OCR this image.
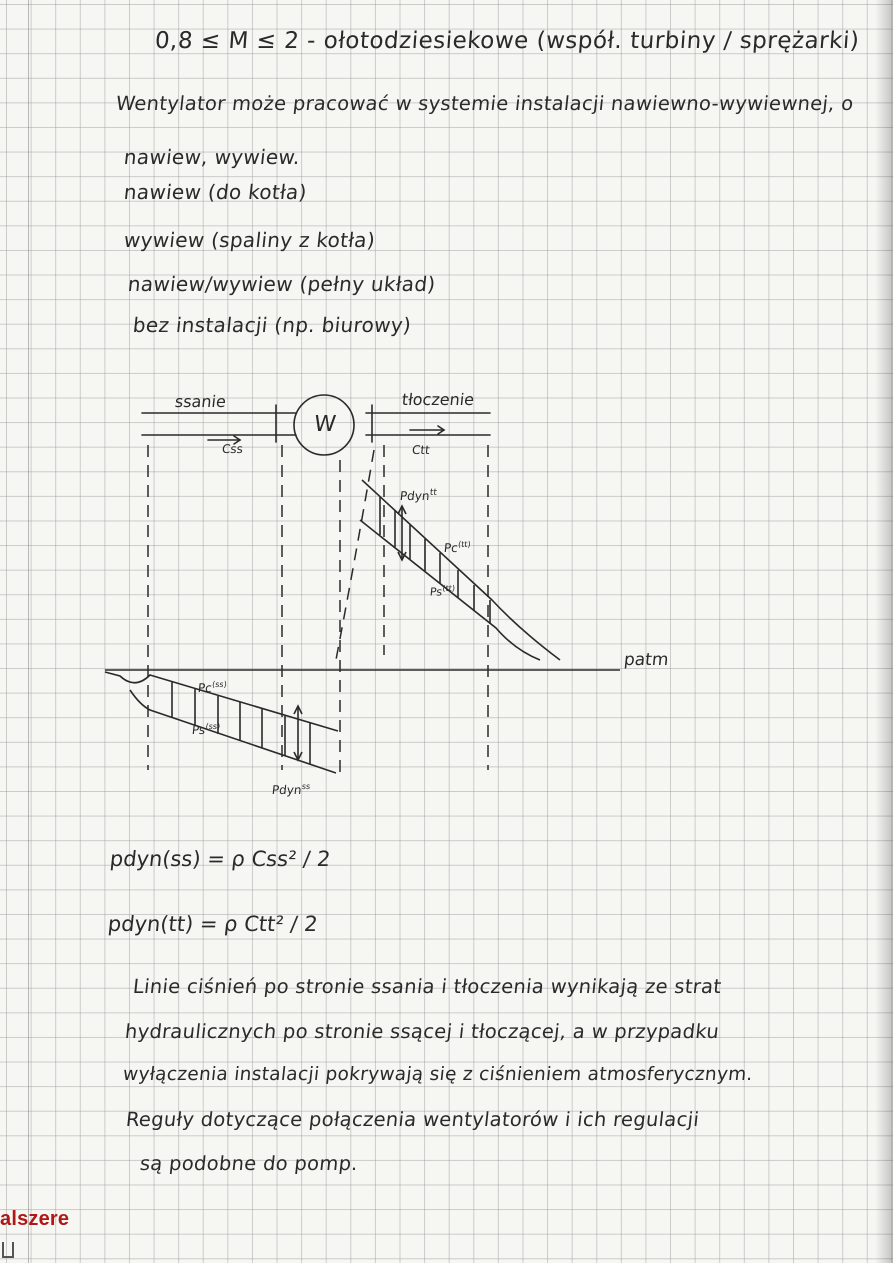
0,8 ≤ M ≤ 2 - ołotodziesiekowe (współ. turbiny / sprężarki)
Wentylator może pracować w systemie instalacji nawiewno-wywiewnej, o
nawiew, wywiew.
nawiew (do kotła)
wywiew (spaliny z kotła)
nawiew/wywiew (pełny układ)
bez instalacji (np. biurowy)
W
ssanie	tłoczenie
Css	Ctt
patm
Pdyn$^{tt}$
$Pc^{(tt)}$
$Ps^{(tt)}$
$Pc^{(ss)}$
$Ps^{(ss)}$
Pdyn$^{ss}$
pdyn(ss) = ρ Css² / 2
pdyn(tt) = ρ Ctt² / 2
Linie ciśnień po stronie ssania i tłoczenia wynikają ze strat
hydraulicznych po stronie ssącej i tłoczącej, a w przypadku
wyłączenia instalacji pokrywają się z ciśnieniem atmosferycznym.
Reguły dotyczące połączenia wentylatorów i ich regulacji
są podobne do pomp.
alszere
